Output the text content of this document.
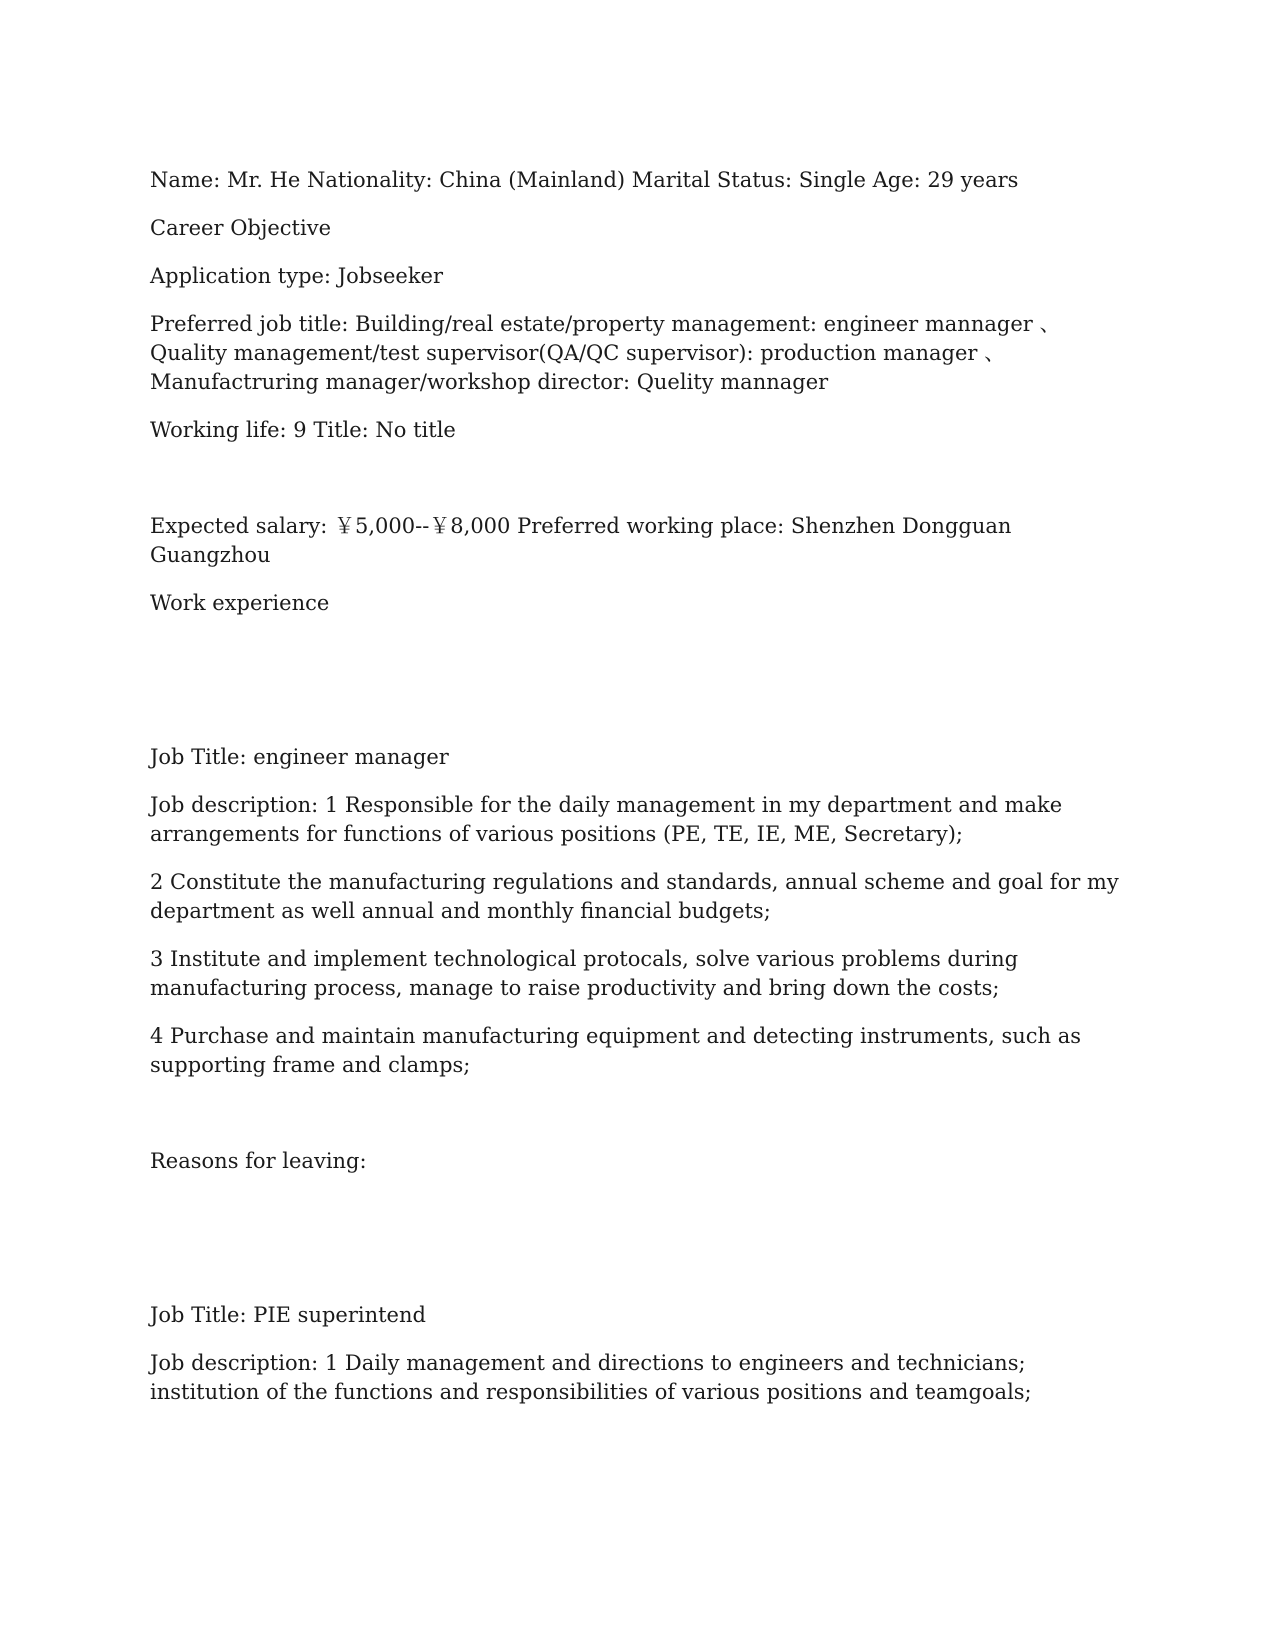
Name: Mr. He Nationality: China (Mainland) Marital Status: Single Age: 29 years

Career Objective

Application type: Jobseeker

Preferred job title: Building/real estate/property management: engineer mannager 、Quality management/test supervisor(QA/QC supervisor): production manager 、Manufactruring manager/workshop director: Quelity mannager

Working life: 9 Title: No title

Expected salary: ￥5,000--￥8,000 Preferred working place: Shenzhen Dongguan Guangzhou

Work experience

Job Title: engineer manager

Job description: 1 Responsible for the daily management in my department and make arrangements for functions of various positions (PE, TE, IE, ME, Secretary);

2 Constitute the manufacturing regulations and standards, annual scheme and goal for my department as well annual and monthly financial budgets;

3 Institute and implement technological protocals, solve various problems during manufacturing process, manage to raise productivity and bring down the costs;

4 Purchase and maintain manufacturing equipment and detecting instruments, such as supporting frame and clamps;

Reasons for leaving:

Job Title: PIE superintend

Job description: 1 Daily management and directions to engineers and technicians; institution of the functions and responsibilities of various positions and teamgoals;
